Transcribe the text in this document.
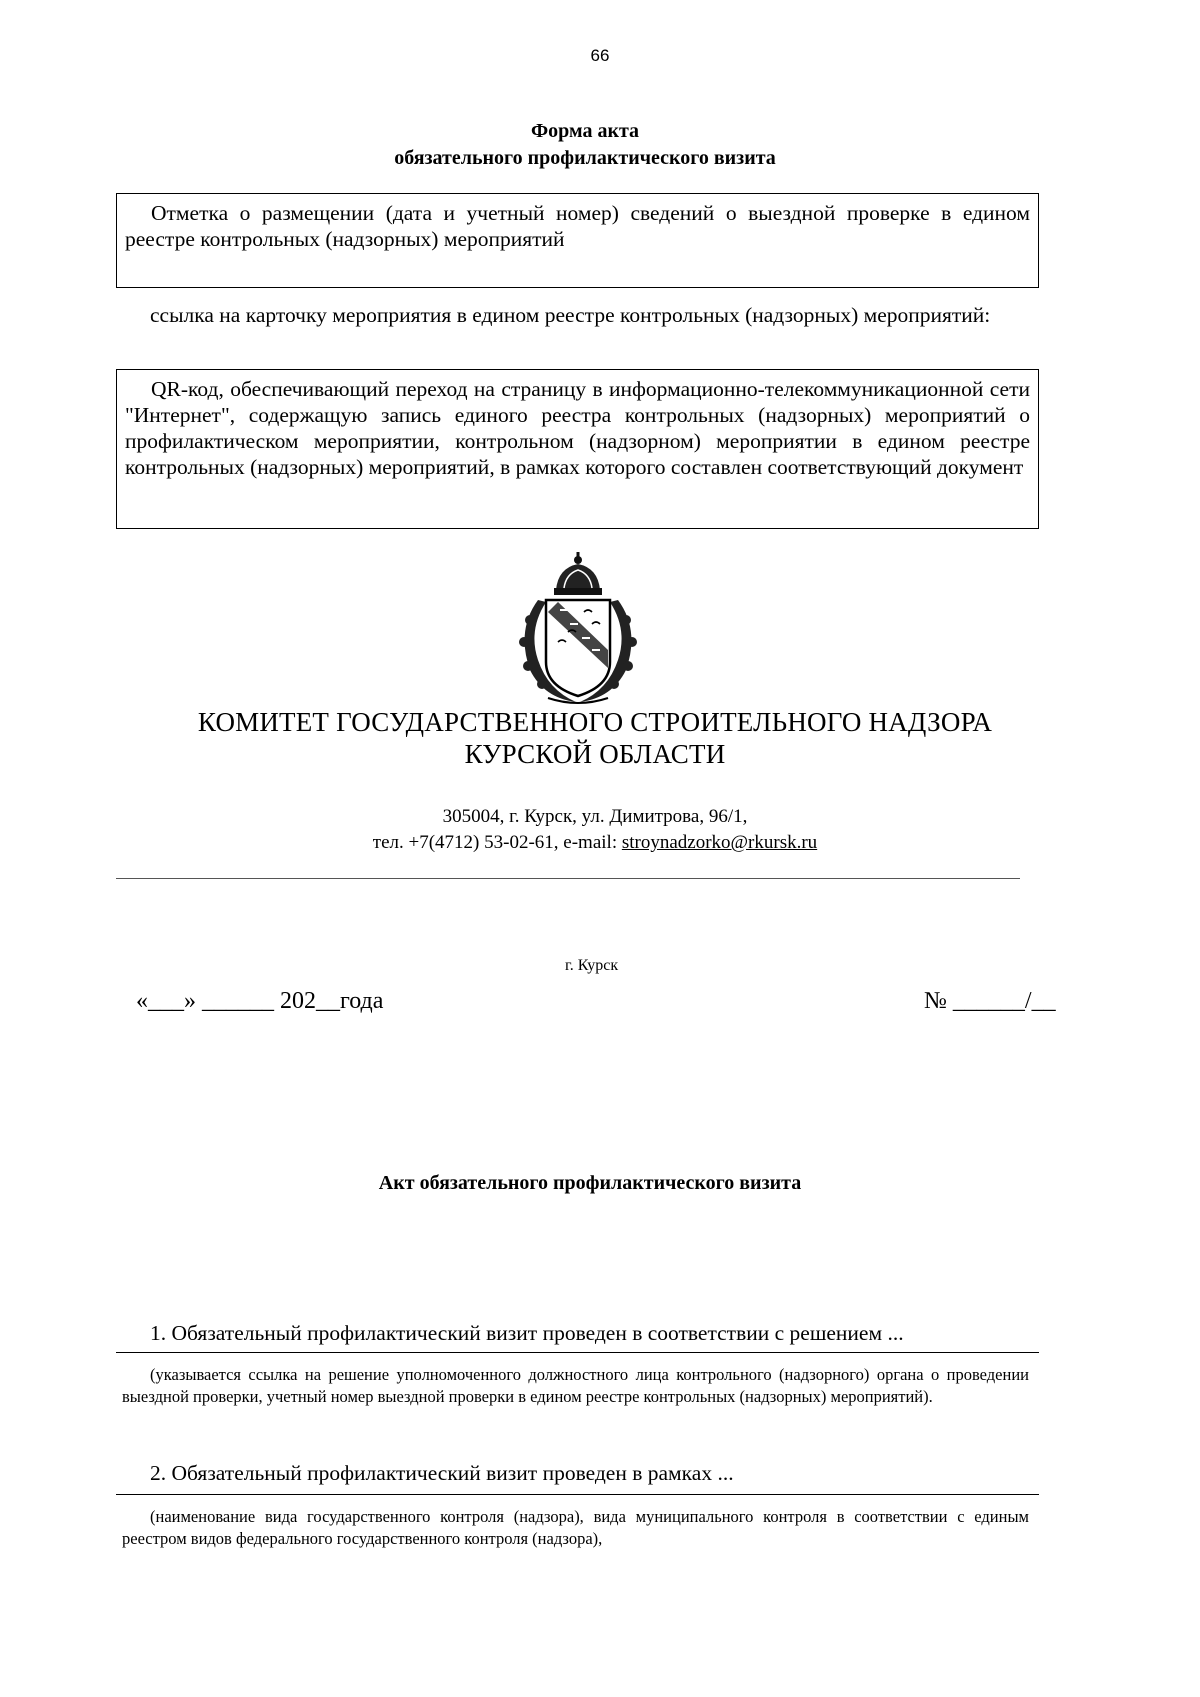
66
Форма акта
обязательного профилактического визита
Отметка о размещении (дата и учетный номер) сведений о выездной проверке в едином реестре контрольных (надзорных) мероприятий
ссылка на карточку мероприятия в едином реестре контрольных (надзорных) мероприятий:
QR-код, обеспечивающий переход на страницу в информационно-телекоммуникационной сети "Интернет", содержащую запись единого реестра контрольных (надзорных) мероприятий о профилактическом мероприятии, контрольном (надзорном) мероприятии в едином реестре контрольных (надзорных) мероприятий, в рамках которого составлен соответствующий документ
КОМИТЕТ ГОСУДАРСТВЕННОГО СТРОИТЕЛЬНОГО НАДЗОРА
КУРСКОЙ ОБЛАСТИ
305004, г. Курск, ул. Димитрова, 96/1,
тел. +7(4712) 53-02-61, e-mail: stroynadzorko@rkursk.ru
г. Курск
«___» ______ 202__года	№ ______/__
Акт обязательного профилактического визита
1. Обязательный профилактический визит проведен в соответствии с решением ...
(указывается ссылка на решение уполномоченного должностного лица контрольного (надзорного) органа о проведении выездной проверки, учетный номер выездной проверки в едином реестре контрольных (надзорных) мероприятий).
2. Обязательный профилактический визит проведен в рамках ...
(наименование вида государственного контроля (надзора), вида муниципального контроля в соответствии с единым реестром видов федерального государственного контроля (надзора),
